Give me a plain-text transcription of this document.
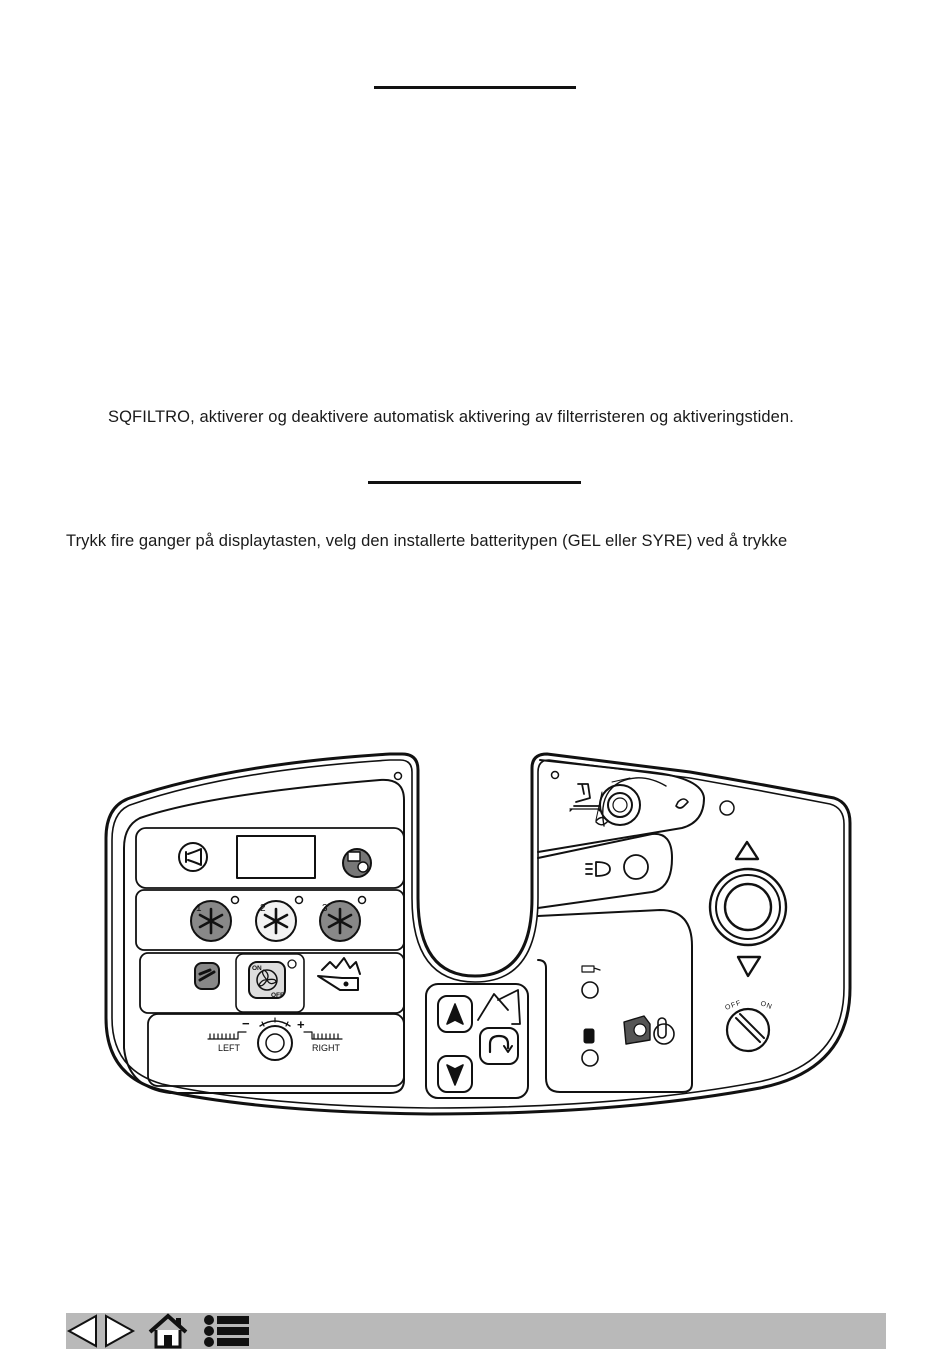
SQFILTRO, aktiverer og deaktivere automatisk aktivering av filterristeren og aktiveringstiden.
Trykk fire ganger på displaytasten, velg den installerte batteritypen (GEL eller SYRE) ved å trykke
1	2	3
ON
OFF
LEFT	RIGHT
−	+
OFF ON
